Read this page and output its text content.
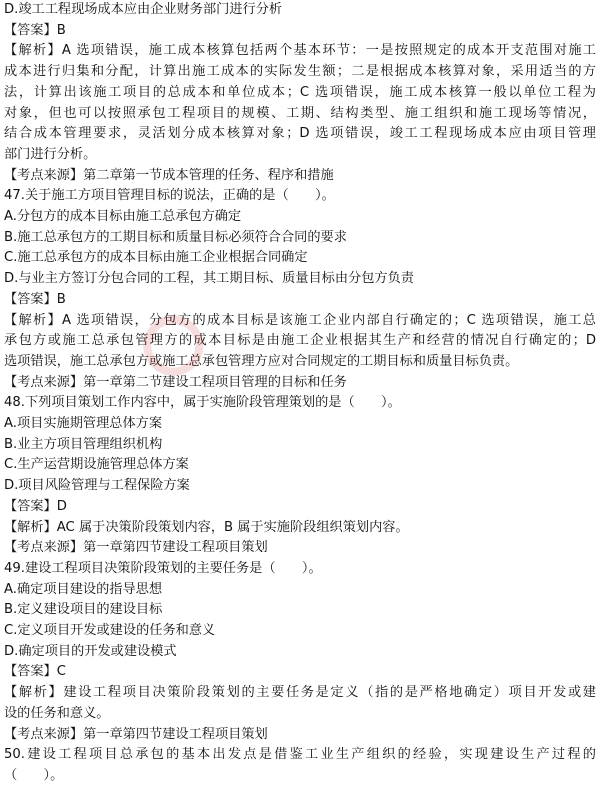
D.竣工工程现场成本应由企业财务部门进行分析
【答案】B
【解析】A 选项错误，施工成本核算包括两个基本环节：一是按照规定的成本开支范围对施工
成本进行归集和分配，计算出施工成本的实际发生额；二是根据成本核算对象，采用适当的方
法，计算出该施工项目的总成本和单位成本；C 选项错误，施工成本核算一般以单位工程为
对象，但也可以按照承包工程项目的规模、工期、结构类型、施工组织和施工现场等情况，
结合成本管理要求，灵活划分成本核算对象；D 选项错误，竣工工程现场成本应由项目管理
部门进行分析。
【考点来源】第二章第一节成本管理的任务、程序和措施
47.关于施工方项目管理目标的说法，正确的是（　　）。
A.分包方的成本目标由施工总承包方确定
B.施工总承包方的工期目标和质量目标必须符合合同的要求
C.施工总承包方的成本目标由施工企业根据合同确定
D.与业主方签订分包合同的工程，其工期目标、质量目标由分包方负责
【答案】B
【解析】A 选项错误，分包方的成本目标是该施工企业内部自行确定的；C 选项错误，施工总
承包方或施工总承包管理方的成本目标是由施工企业根据其生产和经营的情况自行确定的；D
选项错误，施工总承包方或施工总承包管理方应对合同规定的工期目标和质量目标负责。
【考点来源】第一章第二节建设工程项目管理的目标和任务
48.下列项目策划工作内容中，属于实施阶段管理策划的是（　　）。
A.项目实施期管理总体方案
B.业主方项目管理组织机构
C.生产运营期设施管理总体方案
D.项目风险管理与工程保险方案
【答案】D
【解析】AC 属于决策阶段策划内容，B 属于实施阶段组织策划内容。
【考点来源】第一章第四节建设工程项目策划
49.建设工程项目决策阶段策划的主要任务是（　　）。
A.确定项目建设的指导思想
B.定义建设项目的建设目标
C.定义项目开发或建设的任务和意义
D.确定项目的开发或建设模式
【答案】C
【解析】建设工程项目决策阶段策划的主要任务是定义（指的是严格地确定）项目开发或建
设的任务和意义。
【考点来源】第一章第四节建设工程项目策划
50.建设工程项目总承包的基本出发点是借鉴工业生产组织的经验，实现建设生产过程的
（　　）。
